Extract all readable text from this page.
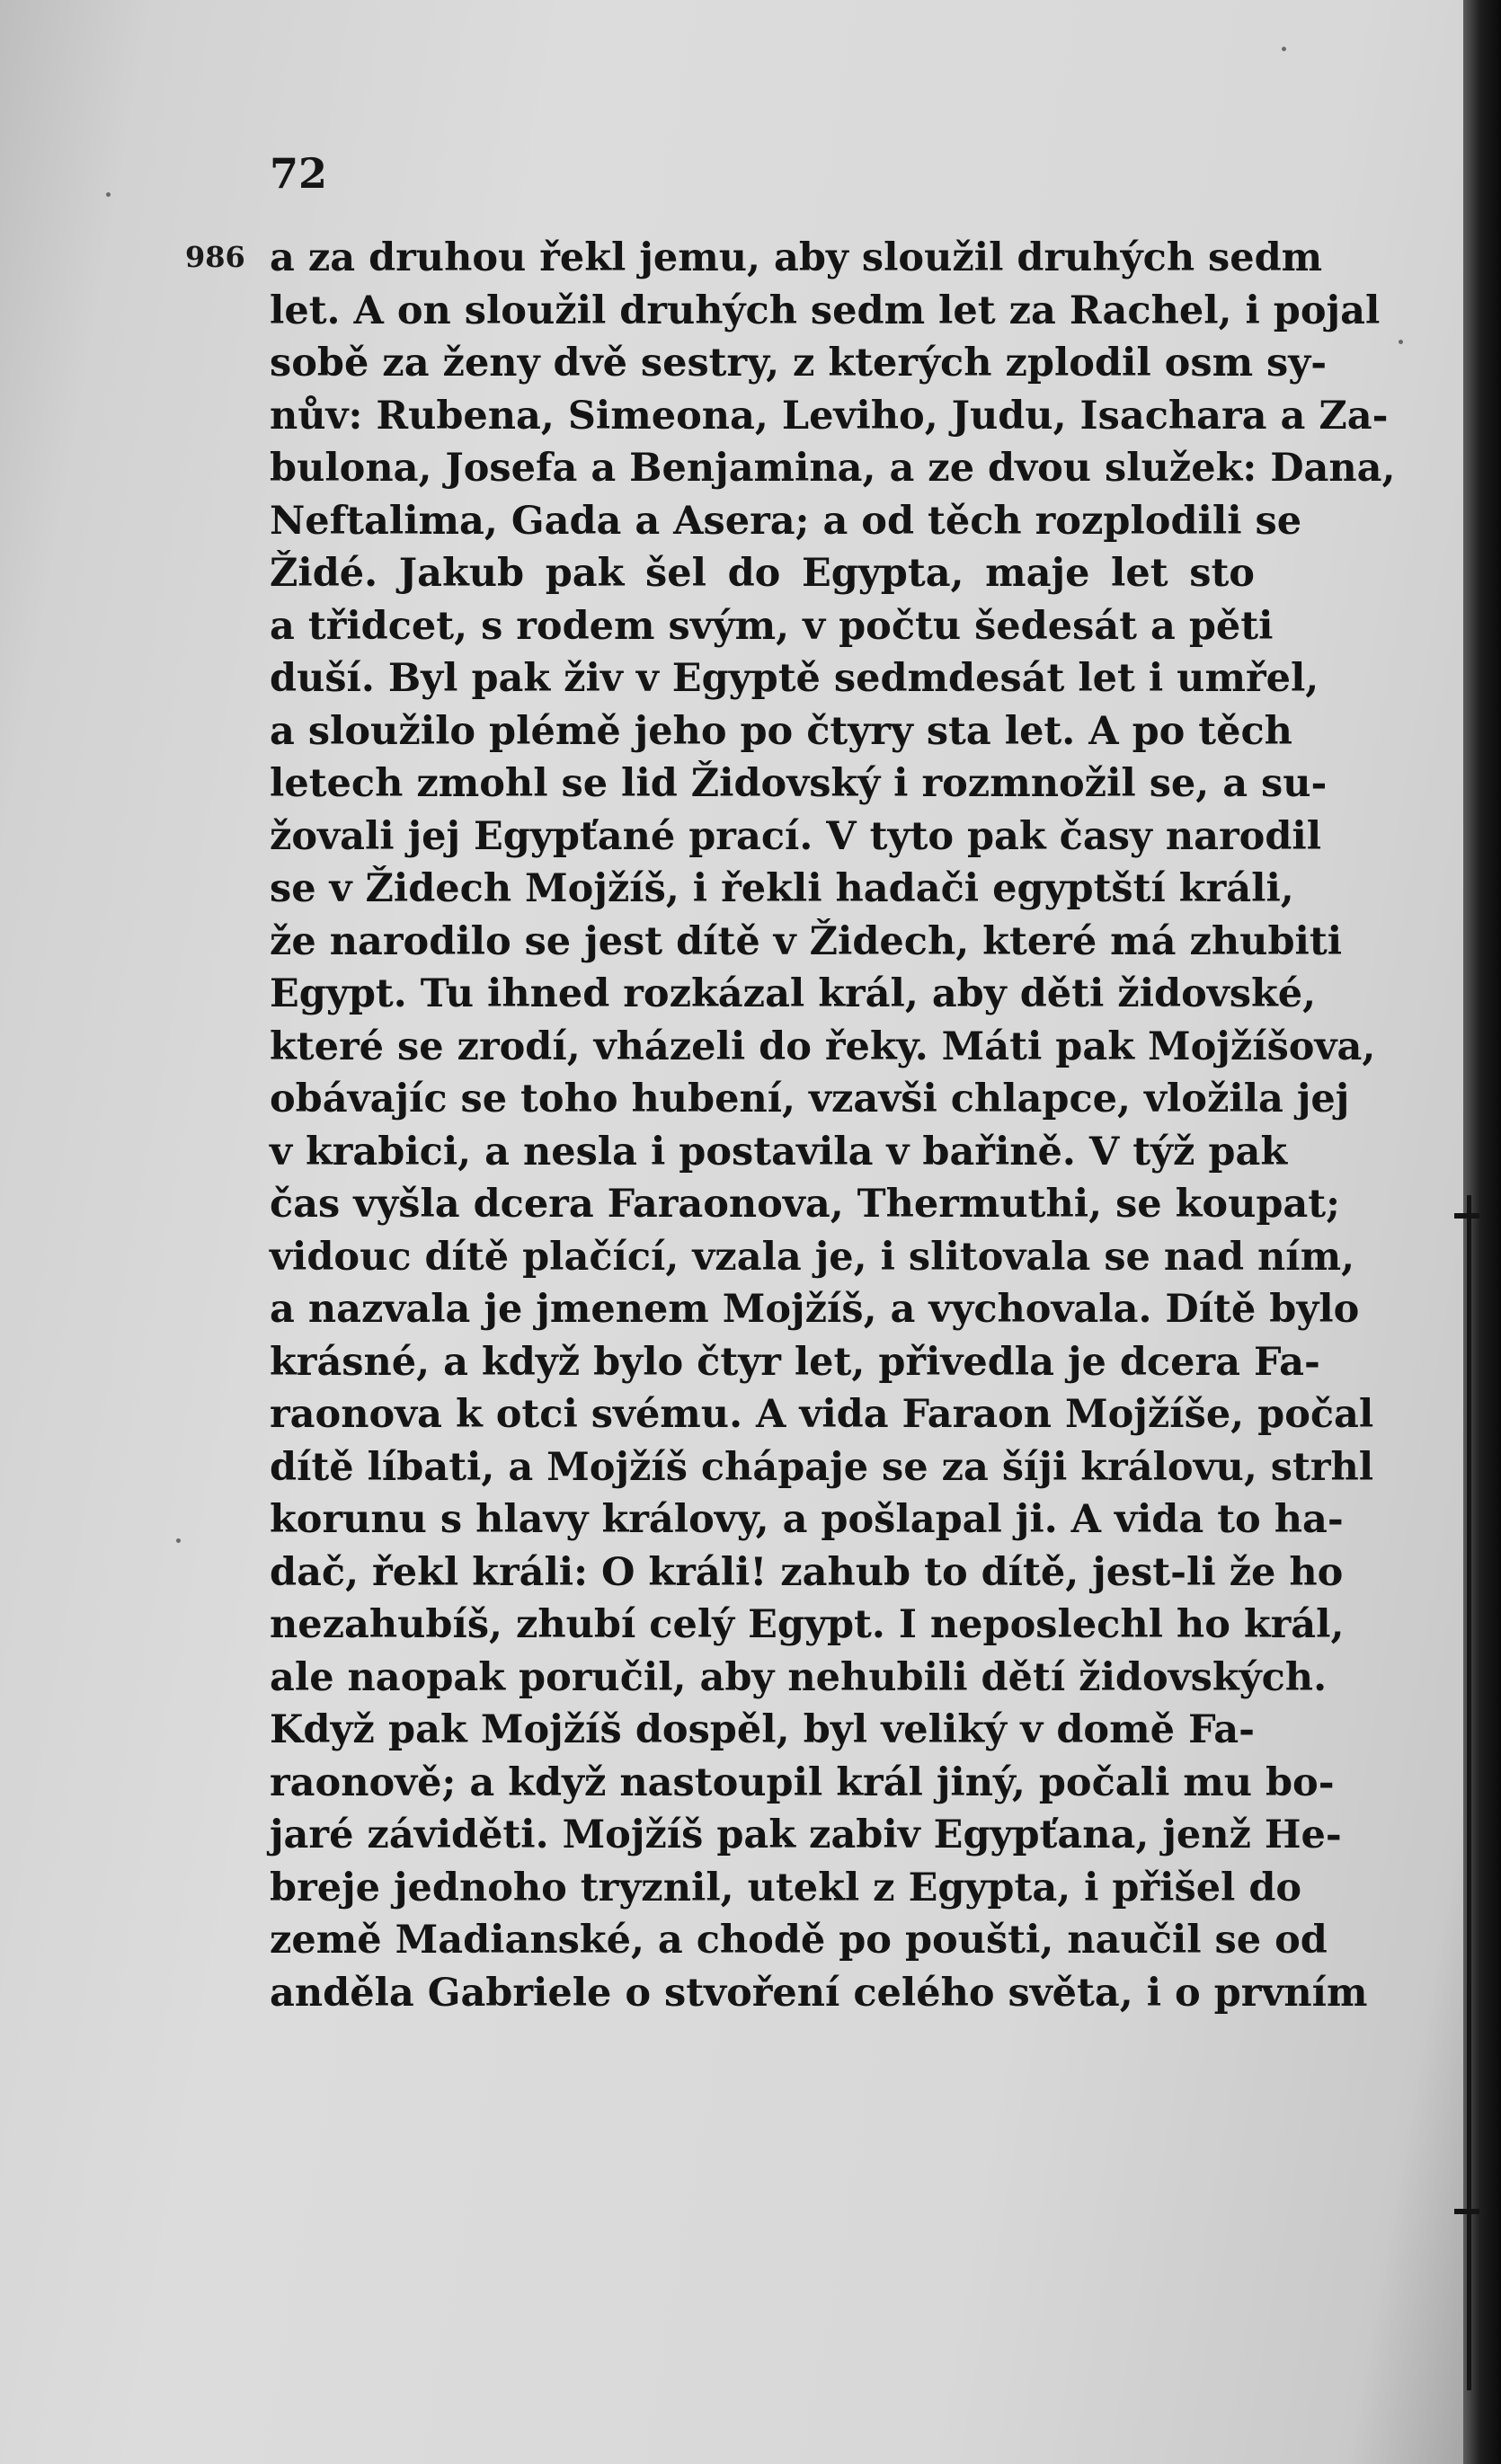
72

986 a za druhou řekl jemu, aby sloužil druhých sedm
let. A on sloužil druhých sedm let za Rachel, i pojal
sobě za ženy dvě sestry, z kterých zplodil osm sy-
nův: Rubena, Simeona, Leviho, Judu, Isachara a Za-
bulona, Josefa a Benjamina, a ze dvou služek: Dana,
Neftalima, Gada a Asera; a od těch rozplodili se
Židé. Jakub pak šel do Egypta, maje let sto
a třidcet, s rodem svým, v počtu šedesát a pěti
duší. Byl pak živ v Egyptě sedmdesát let i umřel,
a sloužilo plémě jeho po čtyry sta let. A po těch
letech zmohl se lid Židovský i rozmnožil se, a su-
žovali jej Egypťané prací. V tyto pak časy narodil
se v Židech Mojžíš, i řekli hadači egyptští králi,
že narodilo se jest dítě v Židech, které má zhubiti
Egypt. Tu ihned rozkázal král, aby děti židovské,
které se zrodí, vházeli do řeky. Máti pak Mojžíšova,
obávajíc se toho hubení, vzavši chlapce, vložila jej
v krabici, a nesla i postavila v bařině. V týž pak
čas vyšla dcera Faraonova, Thermuthi, se koupat;
vidouc dítě plačící, vzala je, i slitovala se nad ním,
a nazvala je jmenem Mojžíš, a vychovala. Dítě bylo
krásné, a když bylo čtyr let, přivedla je dcera Fa-
raonova k otci svému. A vida Faraon Mojžíše, počal
dítě líbati, a Mojžíš chápaje se za šíji královu, strhl
korunu s hlavy královy, a pošlapal ji. A vida to ha-
dač, řekl králi: O králi! zahub to dítě, jest-li že ho
nezahubíš, zhubí celý Egypt. I neposlechl ho král,
ale naopak poručil, aby nehubili dětí židovských.
Když pak Mojžíš dospěl, byl veliký v domě Fa-
raonově; a když nastoupil král jiný, počali mu bo-
jaré záviděti. Mojžíš pak zabiv Egypťana, jenž He-
breje jednoho tryznil, utekl z Egypta, i přišel do
země Madianské, a chodě po poušti, naučil se od
anděla Gabriele o stvoření celého světa, i o prvním
